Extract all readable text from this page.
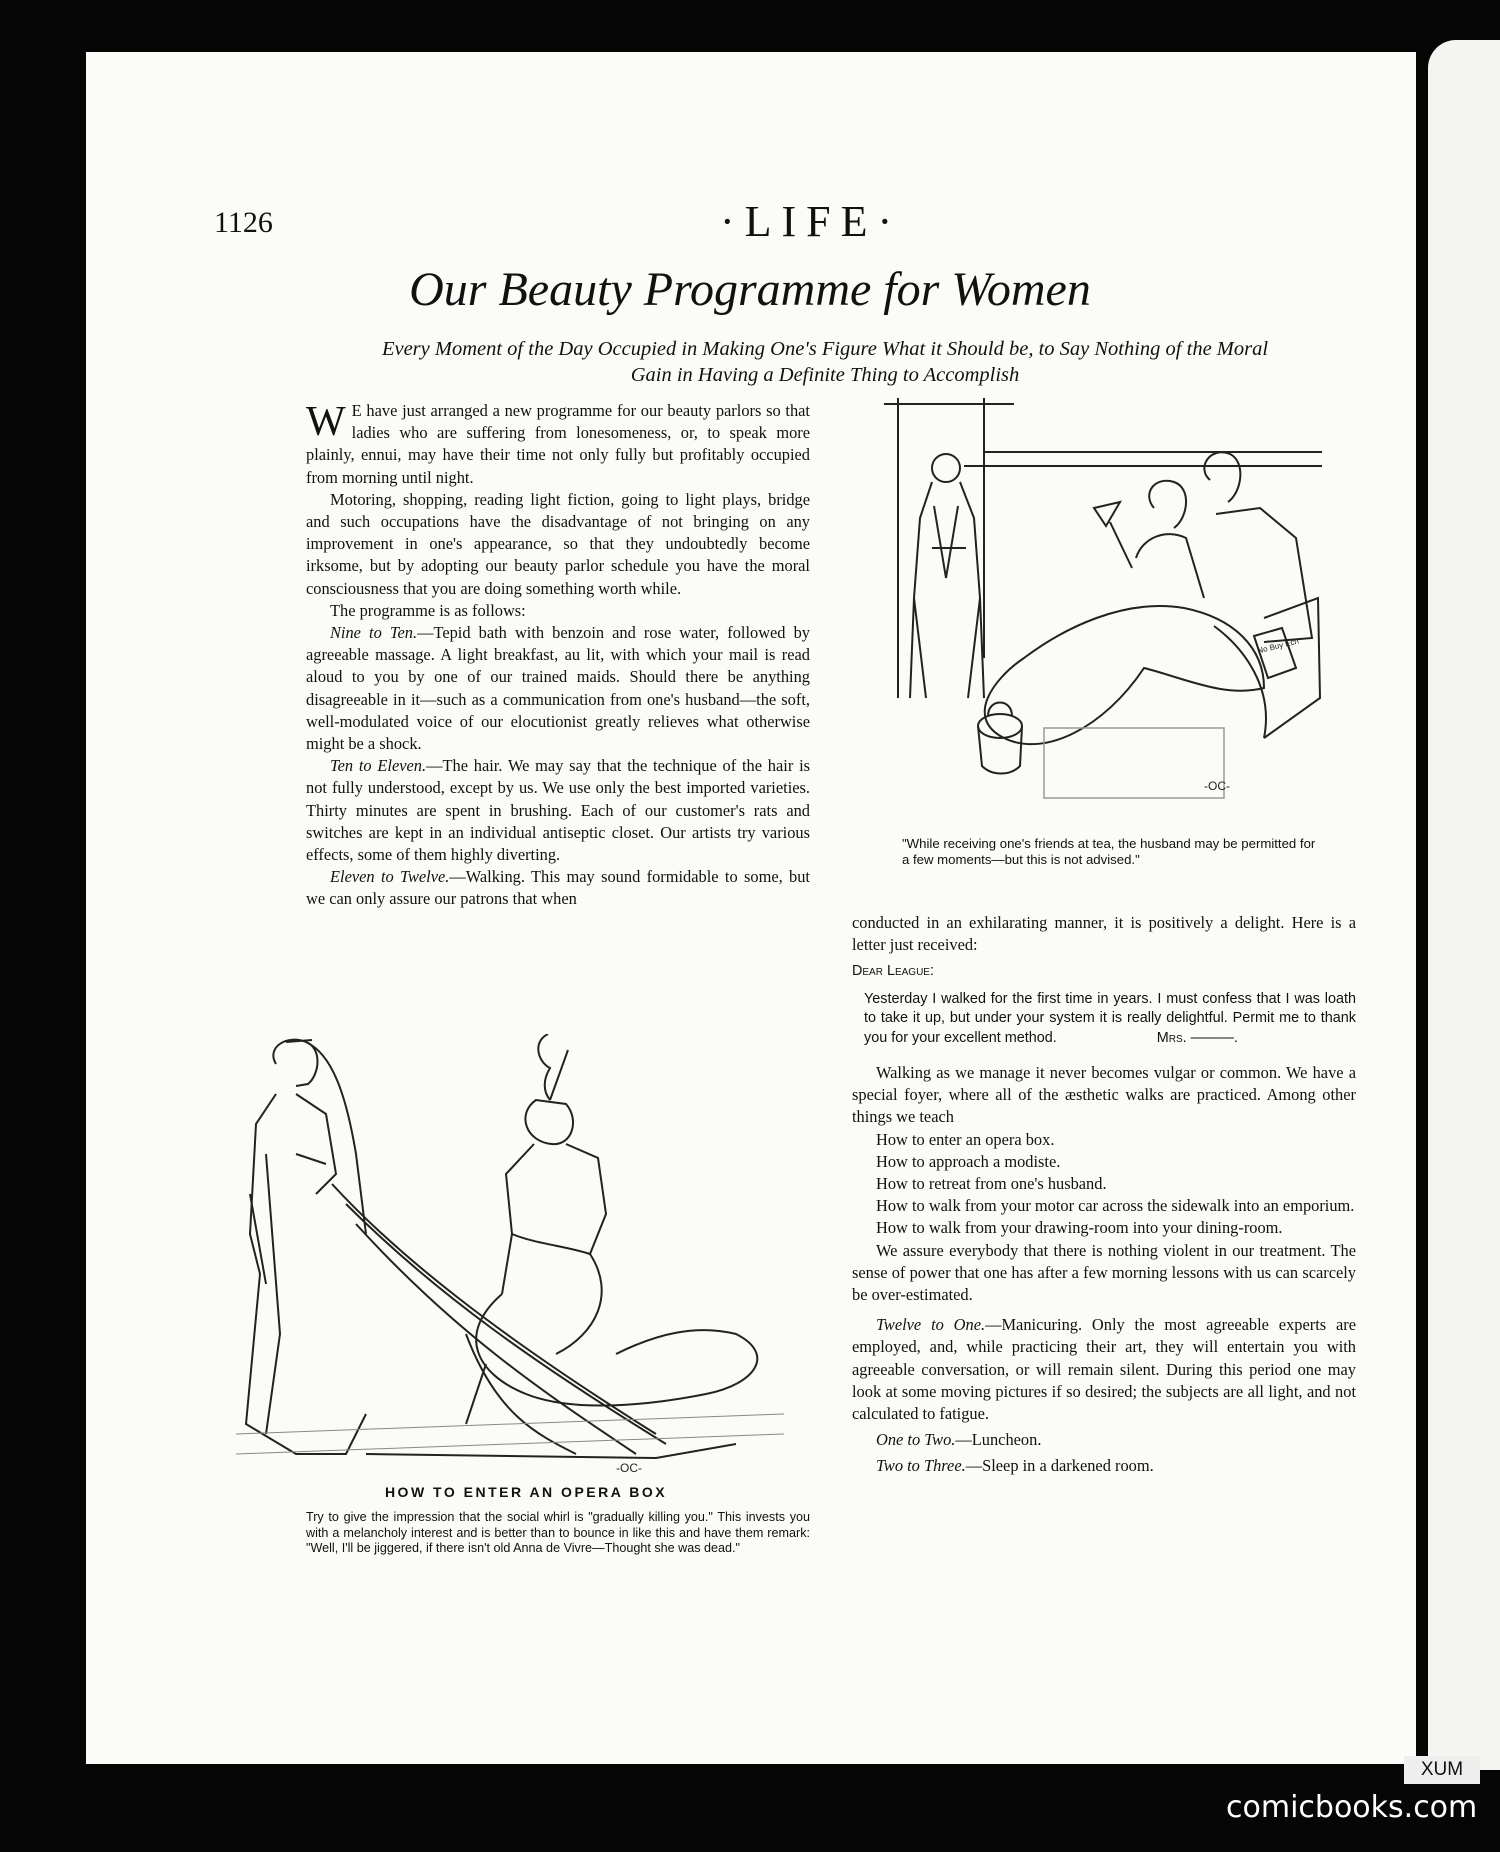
1126	·LIFE·
Our Beauty Programme for Women
Every Moment of the Day Occupied in Making One's Figure What it Should be, to Say Nothing of the Moral Gain in Having a Definite Thing to Accomplish

W E have just arranged a new programme for our beauty parlors so that ladies who are suffering from lonesomeness, or, to speak more plainly, ennui, may have their time not only fully but profitably occupied from morning until night.

Motoring, shopping, reading light fiction, going to light plays, bridge and such occupations have the disadvantage of not bringing on any improvement in one's appearance, so that they undoubtedly become irksome, but by adopting our beauty parlor schedule you have the moral consciousness that you are doing something worth while.

The programme is as follows:

Nine to Ten.—Tepid bath with benzoin and rose water, followed by agreeable massage. A light breakfast, au lit, with which your mail is read aloud to you by one of our trained maids. Should there be anything disagreeable in it—such as a communication from one's husband—the soft, well-modulated voice of our elocutionist greatly relieves what otherwise might be a shock.

Ten to Eleven.—The hair. We may say that the technique of the hair is not fully understood, except by us. We use only the best imported varieties. Thirty minutes are spent in brushing. Each of our customer's rats and switches are kept in an individual antiseptic closet. Our artists try various effects, some of them highly diverting.

Eleven to Twelve.—Walking. This may sound formidable to some, but we can only assure our patrons that when

-OC-
No Buy Ecn
"While receiving one's friends at tea, the husband may be permitted for a few moments—but this is not advised."

conducted in an exhilarating manner, it is positively a delight. Here is a letter just received:

Dear League:
Yesterday I walked for the first time in years. I must confess that I was loath to take it up, but under your system it is really delightful. Permit me to thank you for your excellent method.	Mrs. ———.

Walking as we manage it never becomes vulgar or common. We have a special foyer, where all of the æsthetic walks are practiced. Among other things we teach

How to enter an opera box.

How to approach a modiste.

How to retreat from one's husband.

How to walk from your motor car across the sidewalk into an emporium.

How to walk from your drawing-room into your dining-room.

We assure everybody that there is nothing violent in our treatment. The sense of power that one has after a few morning lessons with us can scarcely be over-estimated.

Twelve to One.—Manicuring. Only the most agreeable experts are employed, and, while practicing their art, they will entertain you with agreeable conversation, or will remain silent. During this period one may look at some moving pictures if so desired; the subjects are all light, and not calculated to fatigue.

One to Two.—Luncheon.

Two to Three.—Sleep in a darkened room.

-OC-
HOW TO ENTER AN OPERA BOX
Try to give the impression that the social whirl is "gradually killing you." This invests you with a melancholy interest and is better than to bounce in like this and have them remark: "Well, I'll be jiggered, if there isn't old Anna de Vivre—Thought she was dead."
XUM
comicbooks.com
